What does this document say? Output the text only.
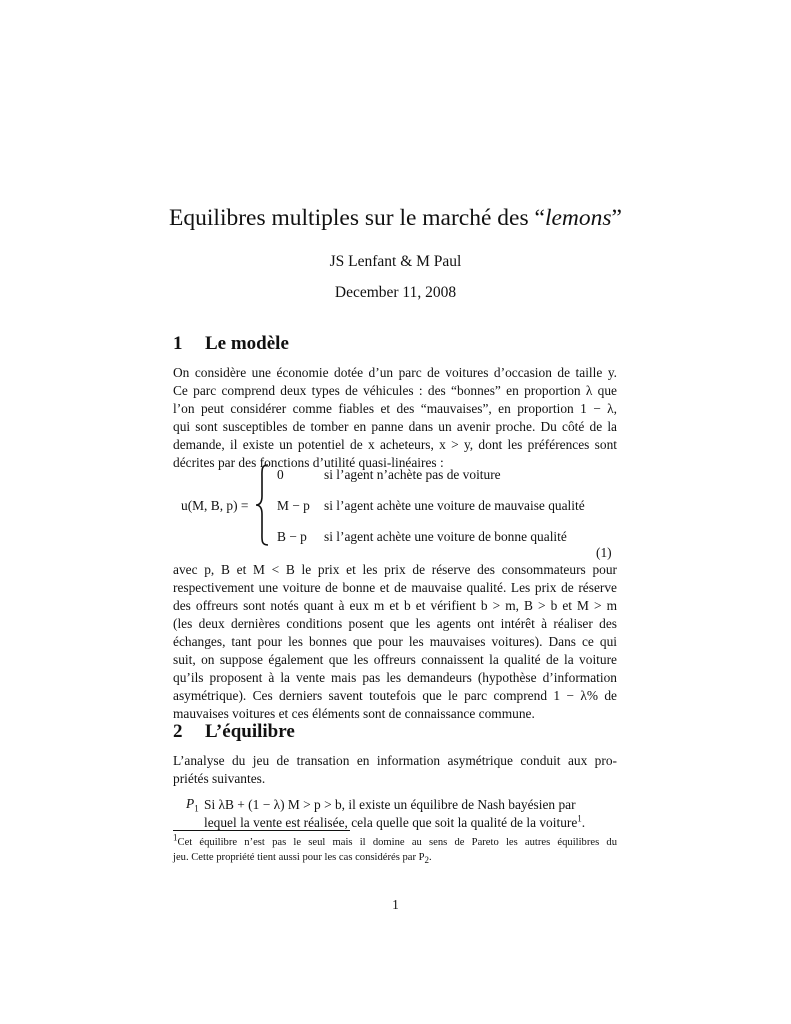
Equilibres multiples sur le marché des “lemons”
JS Lenfant & M Paul
December 11, 2008
1 Le modèle
On considère une économie dotée d’un parc de voitures d’occasion de taille y.
Ce parc comprend deux types de véhicules : des “bonnes” en proportion λ que
l’on peut considérer comme fiables et des “mauvaises”, en proportion 1 − λ,
qui sont susceptibles de tomber en panne dans un avenir proche. Du côté de la
demande, il existe un potentiel de x acheteurs, x > y, dont les préférences sont
décrites par des fonctions d’utilité quasi-linéaires :
u(M, B, p) =
0	si l’agent n’achète pas de voiture
M − p si l’agent achète une voiture de mauvaise qualité
B − p si l’agent achète une voiture de bonne qualité
(1)
avec p, B et M < B le prix et les prix de réserve des consommateurs pour
respectivement une voiture de bonne et de mauvaise qualité. Les prix de réserve
des offreurs sont notés quant à eux m et b et vérifient b > m, B > b et M > m
(les deux dernières conditions posent que les agents ont intérêt à réaliser des
échanges, tant pour les bonnes que pour les mauvaises voitures). Dans ce qui
suit, on suppose également que les offreurs connaissent la qualité de la voiture
qu’ils proposent à la vente mais pas les demandeurs (hypothèse d’information
asymétrique). Ces derniers savent toutefois que le parc comprend 1 − λ% de
mauvaises voitures et ces éléments sont de connaissance commune.
2 L’équilibre
L’analyse du jeu de transation en information asymétrique conduit aux pro-
priétés suivantes.
$P_1$ Si λB + (1 − λ) M > p > b, il existe un équilibre de Nash bayésien par
lequel la vente est réalisée, cela quelle que soit la qualité de la voiture$^1$.
$^1$Cet équilibre n’est pas le seul mais il domine au sens de Pareto les autres équilibres du
jeu. Cette propriété tient aussi pour les cas considérés par $P_2$.
1
